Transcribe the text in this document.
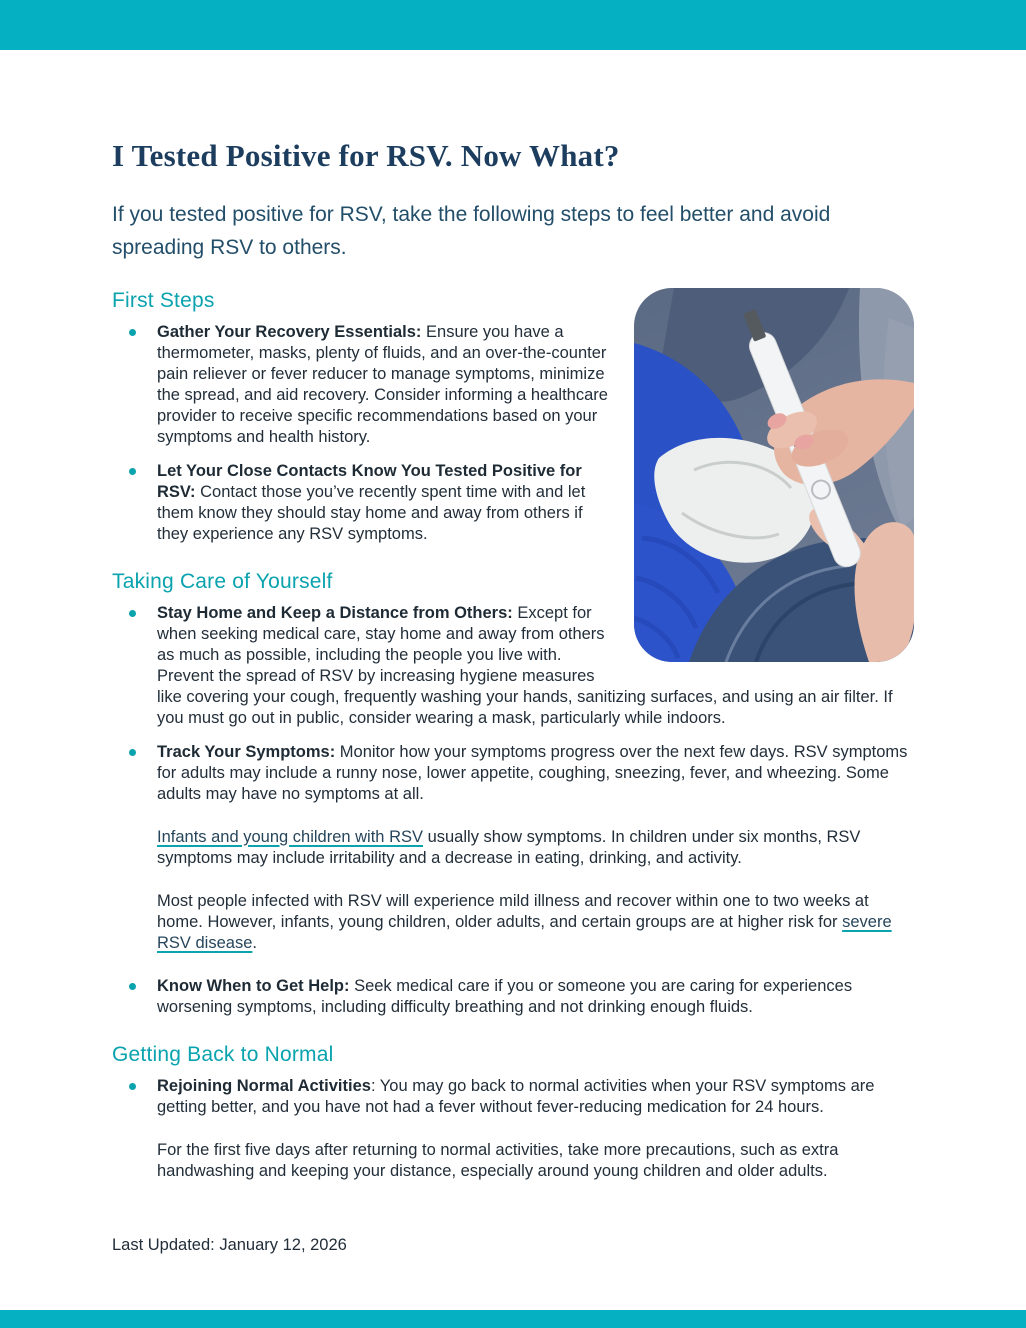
I Tested Positive for RSV. Now What?

If you tested positive for RSV, take the following steps to feel better and avoid spreading RSV to others.

First Steps
Gather Your Recovery Essentials: Ensure you have a thermometer, masks, plenty of fluids, and an over-the-counter pain reliever or fever reducer to manage symptoms, minimize the spread, and aid recovery. Consider informing a healthcare provider to receive specific recommendations based on your symptoms and health history.
Let Your Close Contacts Know You Tested Positive for RSV: Contact those you’ve recently spent time with and let them know they should stay home and away from others if they experience any RSV symptoms.
Taking Care of Yourself
Stay Home and Keep a Distance from Others: Except for when seeking medical care, stay home and away from others as much as possible, including the people you live with. Prevent the spread of RSV by increasing hygiene measures like covering your cough, frequently washing your hands, sanitizing surfaces, and using an air filter. If you must go out in public, consider wearing a mask, particularly while indoors.
Track Your Symptoms: Monitor how your symptoms progress over the next few days. RSV symptoms for adults may include a runny nose, lower appetite, coughing, sneezing, fever, and wheezing. Some adults may have no symptoms at all.

Infants and young children with RSV usually show symptoms. In children under six months, RSV symptoms may include irritability and a decrease in eating, drinking, and activity.

Most people infected with RSV will experience mild illness and recover within one to two weeks at home. However, infants, young children, older adults, and certain groups are at higher risk for severe RSV disease.

Know When to Get Help: Seek medical care if you or someone you are caring for experiences worsening symptoms, including difficulty breathing and not drinking enough fluids.
Getting Back to Normal
Rejoining Normal Activities: You may go back to normal activities when your RSV symptoms are getting better, and you have not had a fever without fever-reducing medication for 24 hours.

For the first five days after returning to normal activities, take more precautions, such as extra handwashing and keeping your distance, especially around young children and older adults.

Last Updated: January 12, 2026
